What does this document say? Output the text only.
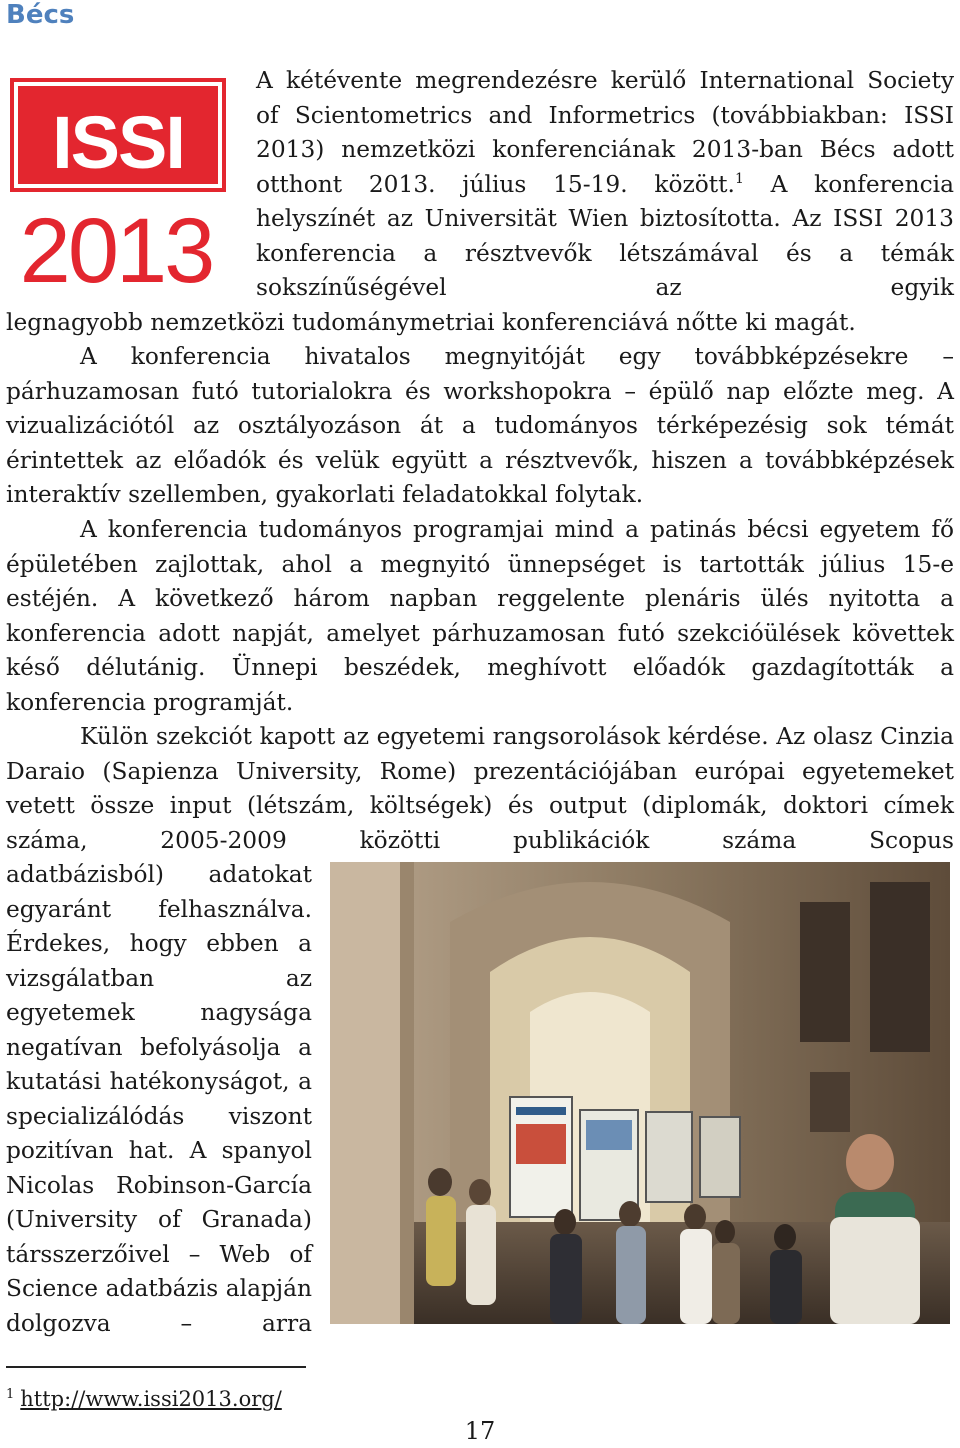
Bécs
ISSI
2013

A kétévente megrendezésre kerülő International Society of Scientometrics and Informetrics (továbbiakban: ISSI 2013) nemzetközi konferenciának 2013-ban Bécs adott otthont 2013. július 15-19. között.$^1$ A konferencia helyszínét az Universität Wien biztosította. Az ISSI 2013 konferencia a résztvevők létszámával és a témák sokszínűségével az egyik

legnagyobb nemzetközi tudománymetriai konferenciává nőtte ki magát.

A konferencia hivatalos megnyitóját egy továbbképzésekre – párhuzamosan futó tutorialokra és workshopokra – épülő nap előzte meg. A vizualizációtól az osztályozáson át a tudományos térképezésig sok témát érintettek az előadók és velük együtt a résztvevők, hiszen a továbbképzések interaktív szellemben, gyakorlati feladatokkal folytak.

A konferencia tudományos programjai mind a patinás bécsi egyetem fő épületében zajlottak, ahol a megnyitó ünnepséget is tartották július 15-e estéjén. A következő három napban reggelente plenáris ülés nyitotta a konferencia adott napját, amelyet párhuzamosan futó szekcióülések követtek késő délutánig. Ünnepi beszédek, meghívott előadók gazdagították a konferencia programját.

Külön szekciót kapott az egyetemi rangsorolások kérdése. Az olasz Cinzia Daraio (Sapienza University, Rome) prezentációjában európai egyetemeket vetett össze input (létszám, költségek) és output (diplomák, doktori címek száma, 2005-2009 közötti publikációk száma Scopus

adatbázisból) adatokat egyaránt felhasználva. Érdekes, hogy ebben a vizsgálatban az egyetemek nagysága negatívan befolyásolja a kutatási hatékonyságot, a specializálódás viszont pozitívan hat. A spanyol Nicolas Robinson-García (University of Granada) társszerzőivel – Web of Science adatbázis alapján dolgozva – arra

$^1$ http://www.issi2013.org/

17
